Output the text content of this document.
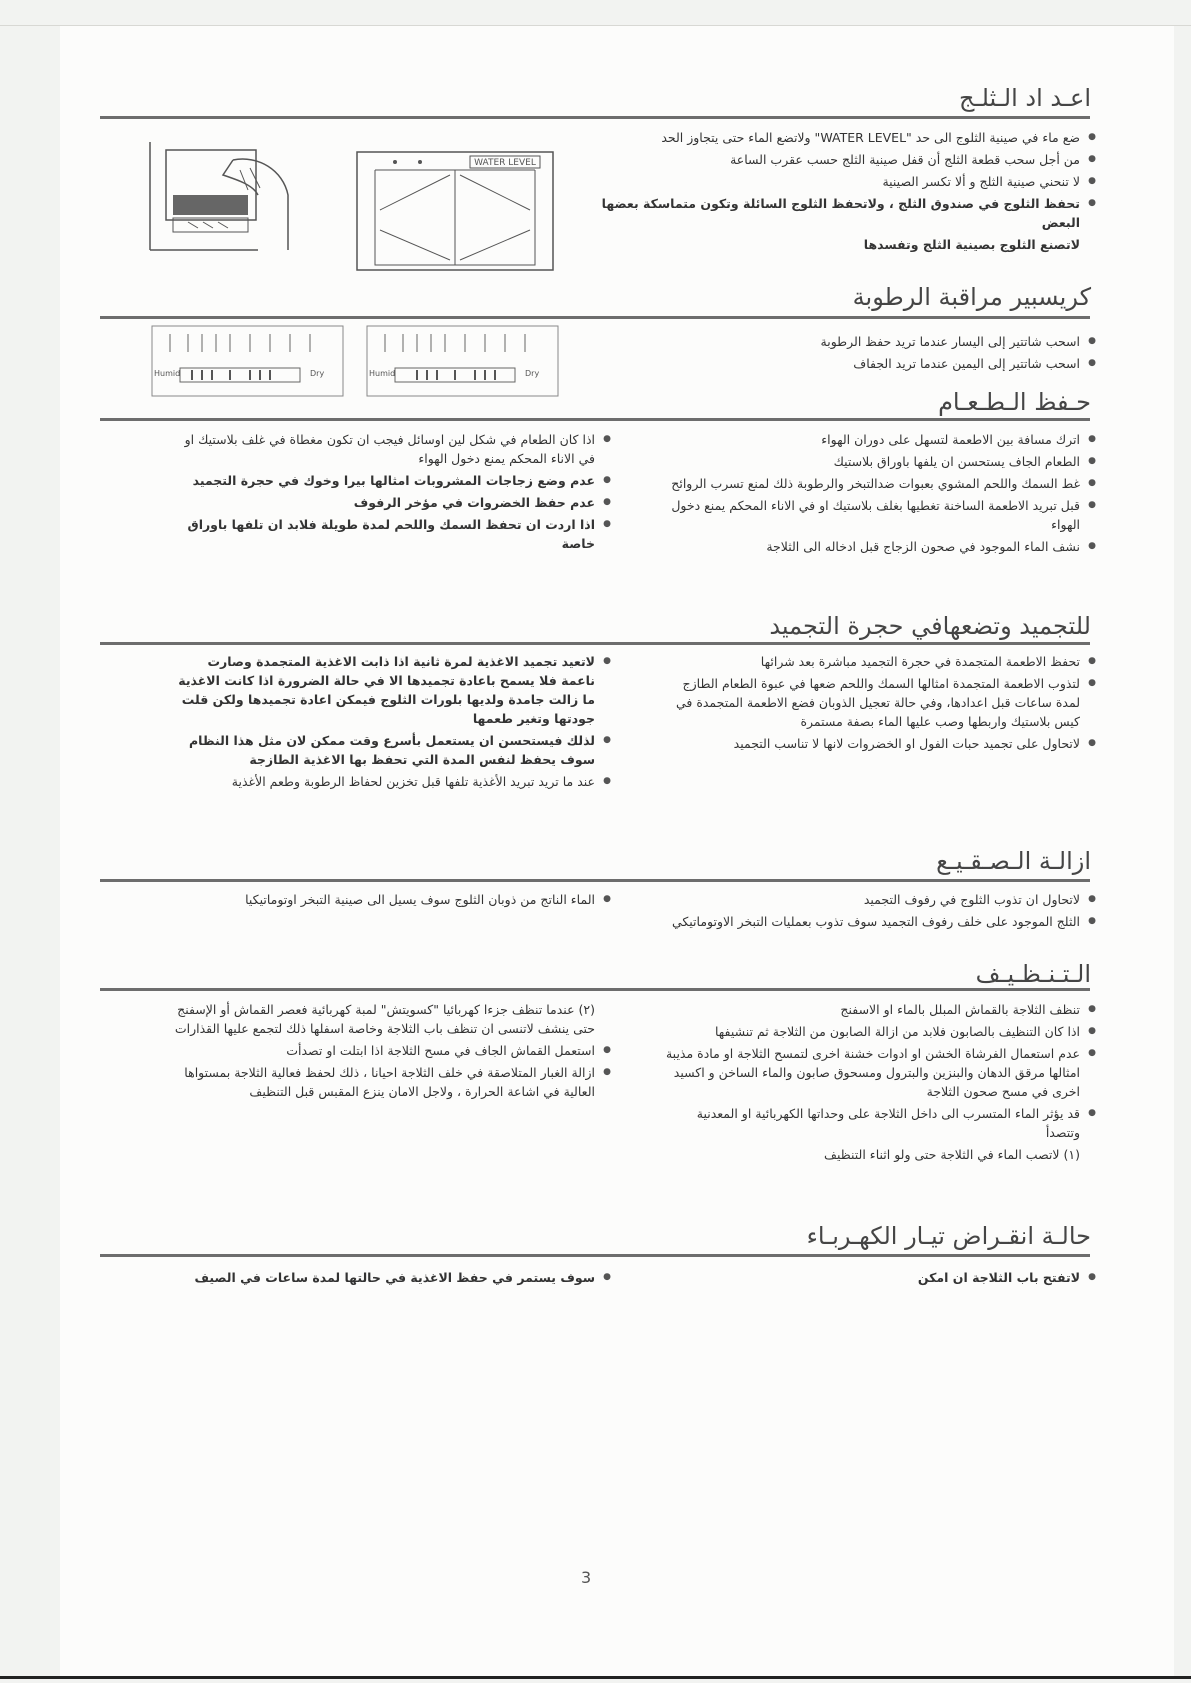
اعـد اد الـثلـج
● ضع ماء في صينية الثلوج الى حد "WATER LEVEL" ولاتضع الماء حتى يتجاوز الحد
● من أجل سحب قطعة الثلج أن قفل صينية الثلج حسب عقرب الساعة
● لا تنحني صينية الثلج و ألا تكسر الصينية
● تحفظ الثلوج في صندوق الثلج ، ولاتحفظ الثلوج السائلة وتكون متماسكة بعضها البعض
لاتصنع الثلوج بصينية الثلج وتفسدها
WATER LEVEL
كريسبير مراقبة الرطوبة
● اسحب شاتتير إلى اليسار عندما تريد حفظ الرطوبة
● اسحب شاتتير إلى اليمين عندما تريد الجفاف
Humid	Dry	Humid	Dry
حـفظ الـطـعـام
● اترك مسافة بين الاطعمة لتسهل على دوران الهواء
● الطعام الجاف يستحسن ان يلفها باوراق بلاستيك
● غط السمك واللحم المشوي بعبوات ضدالتبخر والرطوبة ذلك لمنع تسرب الروائح
● قبل تبريد الاطعمة الساخنة تغطيها بغلف بلاستيك او في الاناء المحكم يمنع دخول الهواء
● نشف الماء الموجود في صحون الزجاج قبل ادخاله الى الثلاجة
● اذا كان الطعام في شكل لين اوسائل فيجب ان تكون مغطاة في غلف بلاستيك او في الاناء المحكم يمنع دخول الهواء
● عدم وضع زجاجات المشروبات امثالها بيرا وخوك في حجرة التجميد
● عدم حفظ الخضروات في مؤخر الرفوف
● اذا اردت ان تحفظ السمك واللحم لمدة طويلة فلابد ان تلفها باوراق خاصة
للتجميد وتضعهافي حجرة التجميد
● تحفظ الاطعمة المتجمدة في حجرة التجميد مباشرة بعد شرائها
● لتذوب الاطعمة المتجمدة امثالها السمك واللحم ضعها في عبوة الطعام الطازج لمدة ساعات قبل اعدادها، وفي حالة تعجيل الذوبان فضع الاطعمة المتجمدة في كيس بلاستيك واربطها وصب عليها الماء بصفة مستمرة
● لاتحاول على تجميد حبات الفول او الخضروات لانها لا تناسب التجميد
● لاتعيد تجميد الاغذية لمرة ثانية اذا ذابت الاغذية المتجمدة وصارت ناعمة فلا يسمح باعادة تجميدها الا في حالة الضرورة اذا كانت الاغذية ما زالت جامدة ولديها بلورات الثلوج فيمكن اعادة تجميدها ولكن قلت جودتها وتغير طعمها
● لذلك فيستحسن ان يستعمل بأسرع وقت ممكن لان مثل هذا النظام سوف يحفظ لنفس المدة التي تحفظ بها الاغذية الطازجة
● عند ما تريد تبريد الأغذية تلفها قبل تخزين لحفاظ الرطوبة وطعم الأغذية
ازالـة الـصـقـيـع
● لاتحاول ان تذوب الثلوج في رفوف التجميد
● الثلج الموجود على خلف رفوف التجميد سوف تذوب بعمليات التبخر الاوتوماتيكي
● الماء الناتج من ذوبان الثلوج سوف يسيل الى صينية التبخر اوتوماتيكيا
الـتـنـظـيـف
● تنظف الثلاجة بالقماش المبلل بالماء او الاسفنج
● اذا كان التنظيف بالصابون فلابد من ازالة الصابون من الثلاجة ثم تنشيفها
● عدم استعمال الفرشاة الخشن او ادوات خشنة اخرى لتمسح الثلاجة او مادة مذيبة امثالها مرقق الدهان والبنزين والبترول ومسحوق صابون والماء الساخن و اكسيد اخرى في مسح صحون الثلاجة
● قد يؤثر الماء المتسرب الى داخل الثلاجة على وحداتها الكهربائية او المعدنية وتتصدأ
(١) لاتصب الماء في الثلاجة حتى ولو اثناء التنظيف
(٢) عندما تنظف جزءا كهربائيا "كسويتش" لمبة كهربائية فعصر القماش أو الإسفنج حتى ينشف لاتنسى ان تنظف باب الثلاجة وخاصة اسفلها ذلك لتجمع عليها القذارات
● استعمل القماش الجاف في مسح الثلاجة اذا ابتلت او تصدأت
● ازالة الغبار المتلاصقة في خلف الثلاجة احيانا ، ذلك لحفظ فعالية الثلاجة بمستواها العالية في اشاعة الحرارة ، ولاجل الامان ينزع المقبس قبل التنظيف
حالـة انقـراض تيـار الكهـربـاء
● لاتفتح باب الثلاجة ان امكن
● سوف يستمر في حفظ الاغذية في حالتها لمدة ساعات في الصيف
3
